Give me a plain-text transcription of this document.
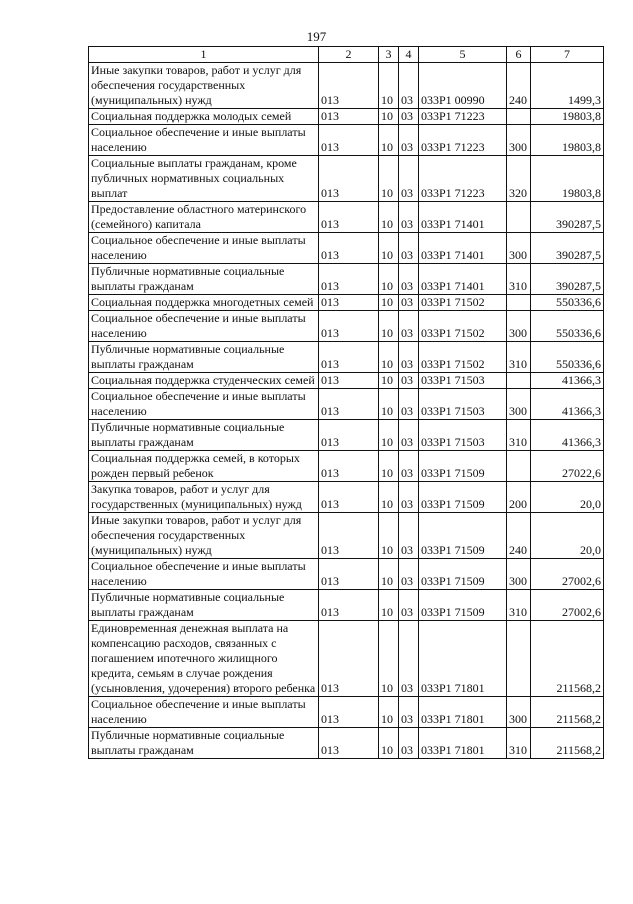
197
1	2	3	4	5	6	7
Иные закупки товаров, работ и услуг для обеспечения государственных (муниципальных) нужд	013	10	03	033P1 00990	240	1499,3
Социальная поддержка молодых семей	013	10	03	033P1 71223		19803,8
Социальное обеспечение и иные выплаты населению	013	10	03	033P1 71223	300	19803,8
Социальные выплаты гражданам, кроме публичных нормативных социальных выплат	013	10	03	033P1 71223	320	19803,8
Предоставление областного материнского (семейного) капитала	013	10	03	033P1 71401		390287,5
Социальное обеспечение и иные выплаты населению	013	10	03	033P1 71401	300	390287,5
Публичные нормативные социальные выплаты гражданам	013	10	03	033P1 71401	310	390287,5
Социальная поддержка многодетных семей	013	10	03	033P1 71502		550336,6
Социальное обеспечение и иные выплаты населению	013	10	03	033P1 71502	300	550336,6
Публичные нормативные социальные выплаты гражданам	013	10	03	033P1 71502	310	550336,6
Социальная поддержка студенческих семей	013	10	03	033P1 71503		41366,3
Социальное обеспечение и иные выплаты населению	013	10	03	033P1 71503	300	41366,3
Публичные нормативные социальные выплаты гражданам	013	10	03	033P1 71503	310	41366,3
Социальная поддержка семей, в которых рожден первый ребенок	013	10	03	033P1 71509		27022,6
Закупка товаров, работ и услуг для государственных (муниципальных) нужд	013	10	03	033P1 71509	200	20,0
Иные закупки товаров, работ и услуг для обеспечения государственных (муниципальных) нужд	013	10	03	033P1 71509	240	20,0
Социальное обеспечение и иные выплаты населению	013	10	03	033P1 71509	300	27002,6
Публичные нормативные социальные выплаты гражданам	013	10	03	033P1 71509	310	27002,6
Единовременная денежная выплата на компенсацию расходов, связанных с погашением ипотечного жилищного кредита, семьям в случае рождения (усыновления, удочерения) второго ребенка	013	10	03	033P1 71801		211568,2
Социальное обеспечение и иные выплаты населению	013	10	03	033P1 71801	300	211568,2
Публичные нормативные социальные выплаты гражданам	013	10	03	033P1 71801	310	211568,2
